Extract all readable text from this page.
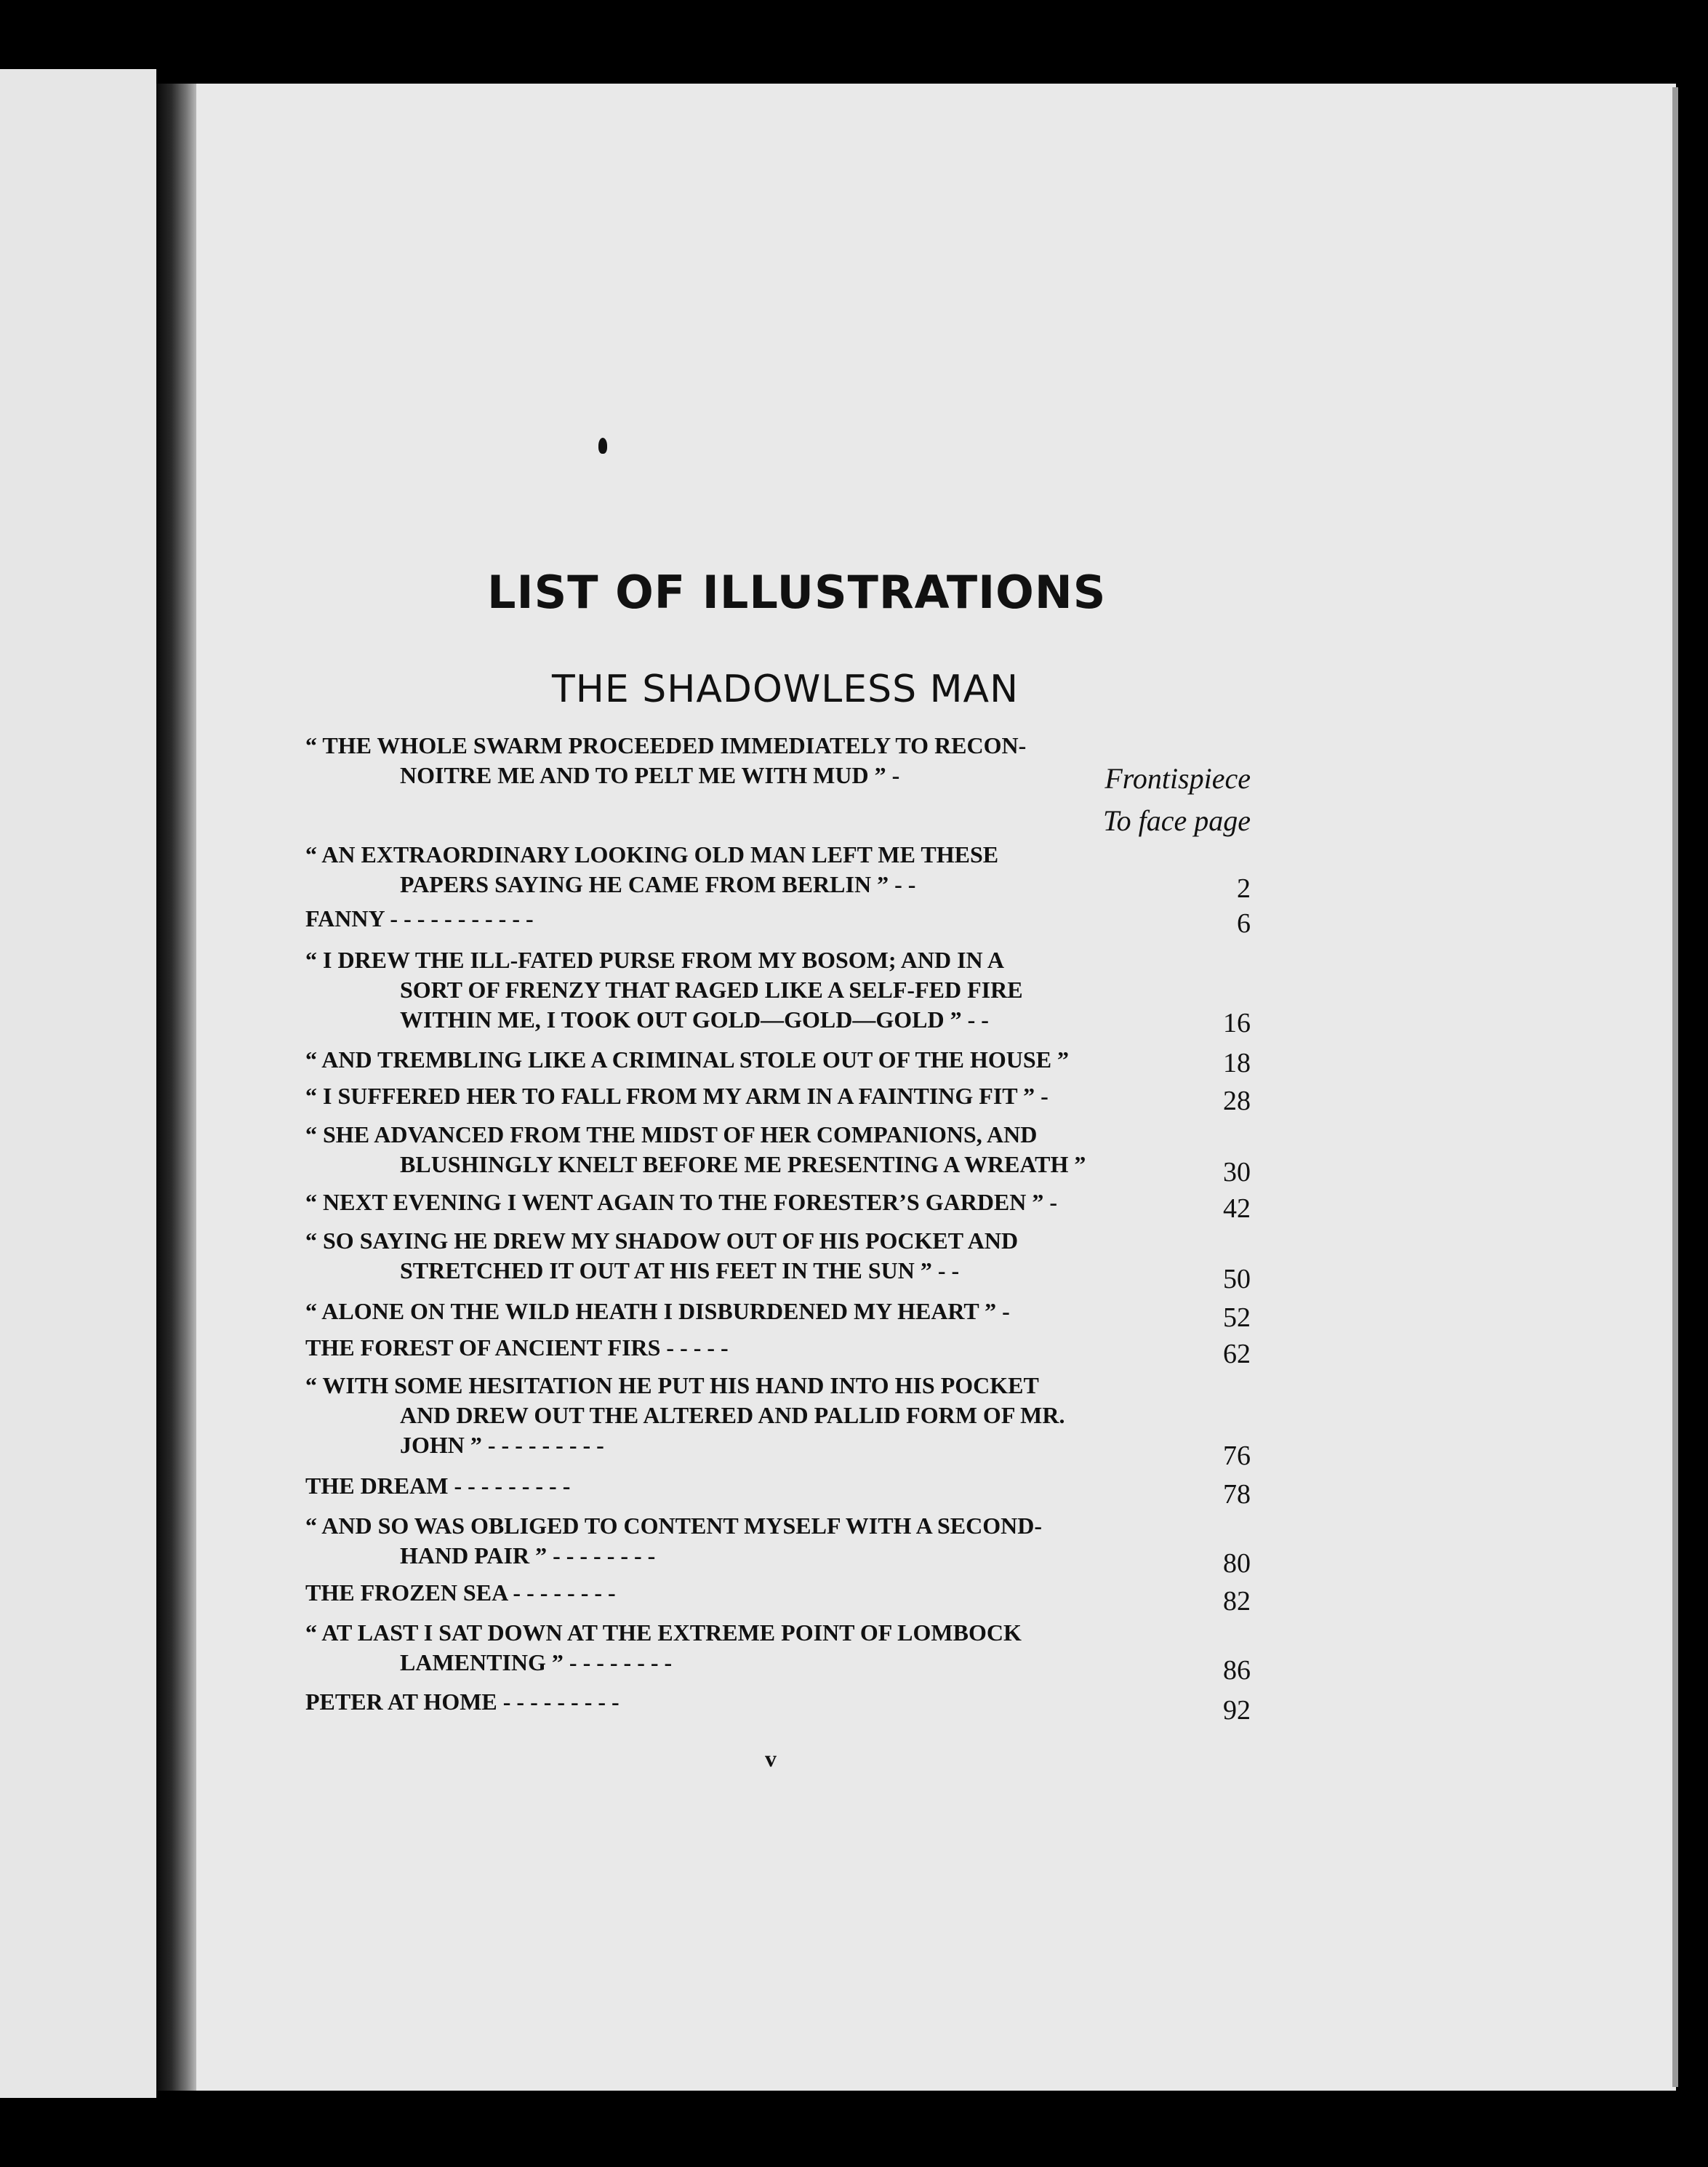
LIST OF ILLUSTRATIONS
THE SHADOWLESS MAN
“ THE WHOLE SWARM PROCEEDED IMMEDIATELY TO RECON-
NOITRE ME AND TO PELT ME WITH MUD ” -	Frontispiece
To face page
“ AN EXTRAORDINARY LOOKING OLD MAN LEFT ME THESE
PAPERS SAYING HE CAME FROM BERLIN ” - -	2
FANNY - - - - - - - - - - -	6
“ I DREW THE ILL-FATED PURSE FROM MY BOSOM; AND IN A
SORT OF FRENZY THAT RAGED LIKE A SELF-FED FIRE
WITHIN ME, I TOOK OUT GOLD—GOLD—GOLD ” - -	16
“ AND TREMBLING LIKE A CRIMINAL STOLE OUT OF THE HOUSE ”	18
“ I SUFFERED HER TO FALL FROM MY ARM IN A FAINTING FIT ” -	28
“ SHE ADVANCED FROM THE MIDST OF HER COMPANIONS, AND
BLUSHINGLY KNELT BEFORE ME PRESENTING A WREATH ”	30
“ NEXT EVENING I WENT AGAIN TO THE FORESTER’S GARDEN ” -	42
“ SO SAYING HE DREW MY SHADOW OUT OF HIS POCKET AND
STRETCHED IT OUT AT HIS FEET IN THE SUN ” - -	50
“ ALONE ON THE WILD HEATH I DISBURDENED MY HEART ” -	52
THE FOREST OF ANCIENT FIRS - - - - -	62
“ WITH SOME HESITATION HE PUT HIS HAND INTO HIS POCKET
AND DREW OUT THE ALTERED AND PALLID FORM OF MR.
JOHN ” - - - - - - - - -	76
THE DREAM - - - - - - - - -	78
“ AND SO WAS OBLIGED TO CONTENT MYSELF WITH A SECOND-
HAND PAIR ” - - - - - - - -	80
THE FROZEN SEA - - - - - - - -	82
“ AT LAST I SAT DOWN AT THE EXTREME POINT OF LOMBOCK
LAMENTING ” - - - - - - - -	86
PETER AT HOME - - - - - - - - -	92
v
